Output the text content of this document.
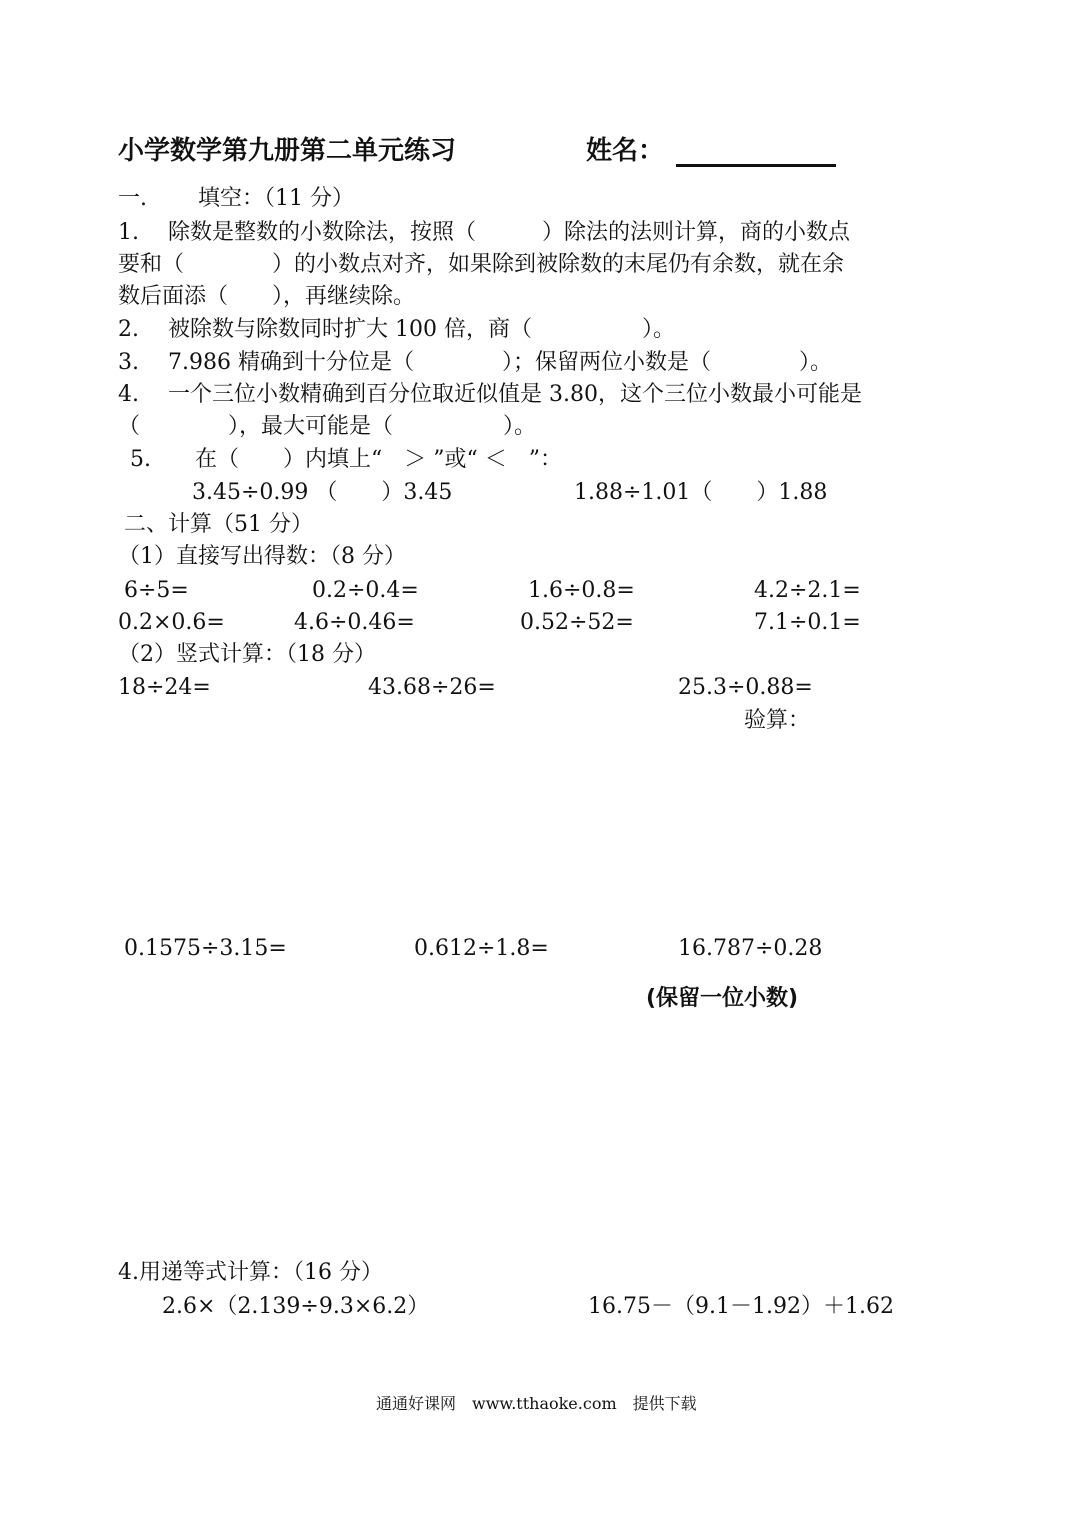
小学数学第九册第二单元练习	姓名：
一.　　 填空：（11 分）
1.　 除数是整数的小数除法，按照（　　　）除法的法则计算，商的小数点
要和（　　　　）的小数点对齐，如果除到被除数的末尾仍有余数，就在余
数后面添（　　），再继续除。
2.　 被除数与除数同时扩大 100 倍，商（　　　　　）。
3.　 7.986 精确到十分位是（　　　　）；保留两位小数是（　　　　）。
4.　 一个三位小数精确到百分位取近似值是 3.80，这个三位小数最小可能是
（　　　　），最大可能是（　　　　　）。
5.　　在（　　）内填上“　＞ ”或“ ＜　”：
3.45÷0.99 （　　）3.45	1.88÷1.01（　　）1.88
二、计算（51 分）
（1）直接写出得数：（8 分）
6÷5=	0.2÷0.4=	1.6÷0.8=	4.2÷2.1=
0.2×0.6=	4.6÷0.46=	0.52÷52=	7.1÷0.1=
（2）竖式计算：（18 分）
18÷24=	43.68÷26=	25.3÷0.88=
验算：
0.1575÷3.15=	0.612÷1.8=	16.787÷0.28
(保留一位小数)
4.用递等式计算：（16 分）
2.6×（2.139÷9.3×6.2）	16.75－（9.1－1.92）＋1.62
通通好课网　www.tthaoke.com　提供下载
